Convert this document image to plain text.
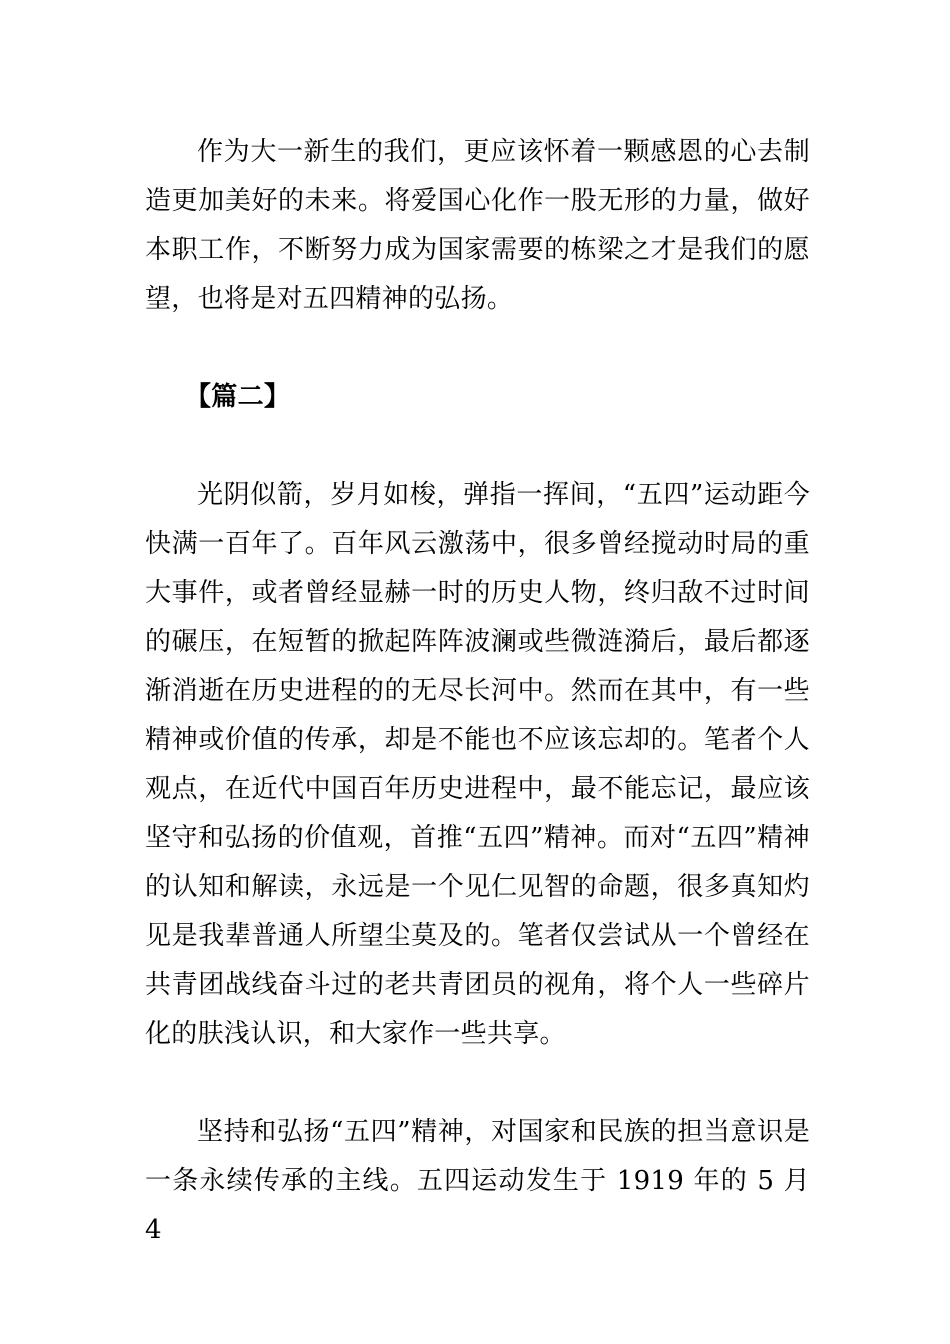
作为大一新生的我们，更应该怀着一颗感恩的心去制造更加美好的未来。将爱国心化作一股无形的力量，做好本职工作，不断努力成为国家需要的栋梁之才是我们的愿望，也将是对五四精神的弘扬。

【篇二】

光阴似箭，岁月如梭，弹指一挥间，“五四”运动距今快满一百年了。百年风云激荡中，很多曾经搅动时局的重大事件，或者曾经显赫一时的历史人物，终归敌不过时间的碾压，在短暂的掀起阵阵波澜或些微涟漪后，最后都逐渐消逝在历史进程的的无尽长河中。然而在其中，有一些精神或价值的传承，却是不能也不应该忘却的。笔者个人观点，在近代中国百年历史进程中，最不能忘记，最应该坚守和弘扬的价值观，首推“五四”精神。而对“五四”精神的认知和解读，永远是一个见仁见智的命题，很多真知灼见是我辈普通人所望尘莫及的。笔者仅尝试从一个曾经在共青团战线奋斗过的老共青团员的视角，将个人一些碎片化的肤浅认识，和大家作一些共享。

坚持和弘扬“五四”精神，对国家和民族的担当意识是一条永续传承的主线。五四运动发生于 1919 年的 5 月 4
